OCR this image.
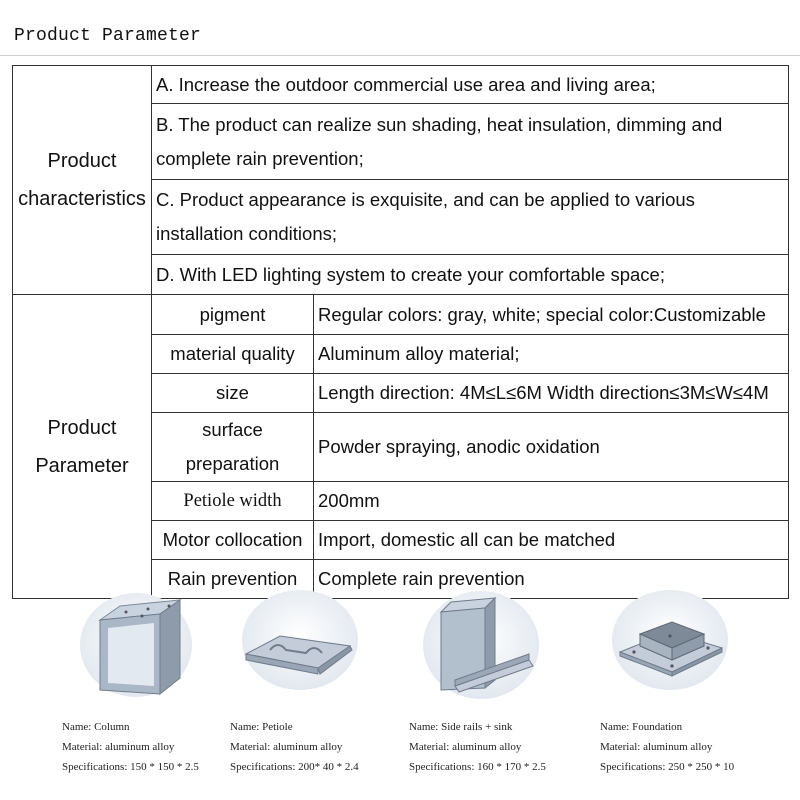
Product Parameter
Product characteristics	A. Increase the outdoor commercial use area and living area;	
	B. The product can realize sun shading, heat insulation, dimming and complete rain prevention;	
	C. Product appearance is exquisite, and can be applied to various installation conditions;	
	D. With LED lighting system to create your comfortable space;	
Product Parameter	pigment	Regular colors: gray, white; special color:Customizable
	material quality	Aluminum alloy material;
	size	Length direction: 4M≤L≤6M Width direction≤3M≤W≤4M
	surface preparation	Powder spraying, anodic oxidation
	Petiole width	200mm
	Motor collocation	Import, domestic all can be matched
	Rain prevention	Complete rain prevention
Name: Column
Material: aluminum alloy
Specifications: 150 * 150 * 2.5
Name: Petiole
Material: aluminum alloy
Specifications: 200* 40 * 2.4
Name: Side rails + sink
Material: aluminum alloy
Specifications: 160 * 170 * 2.5
Name: Foundation
Material: aluminum alloy
Specifications: 250 * 250 * 10
